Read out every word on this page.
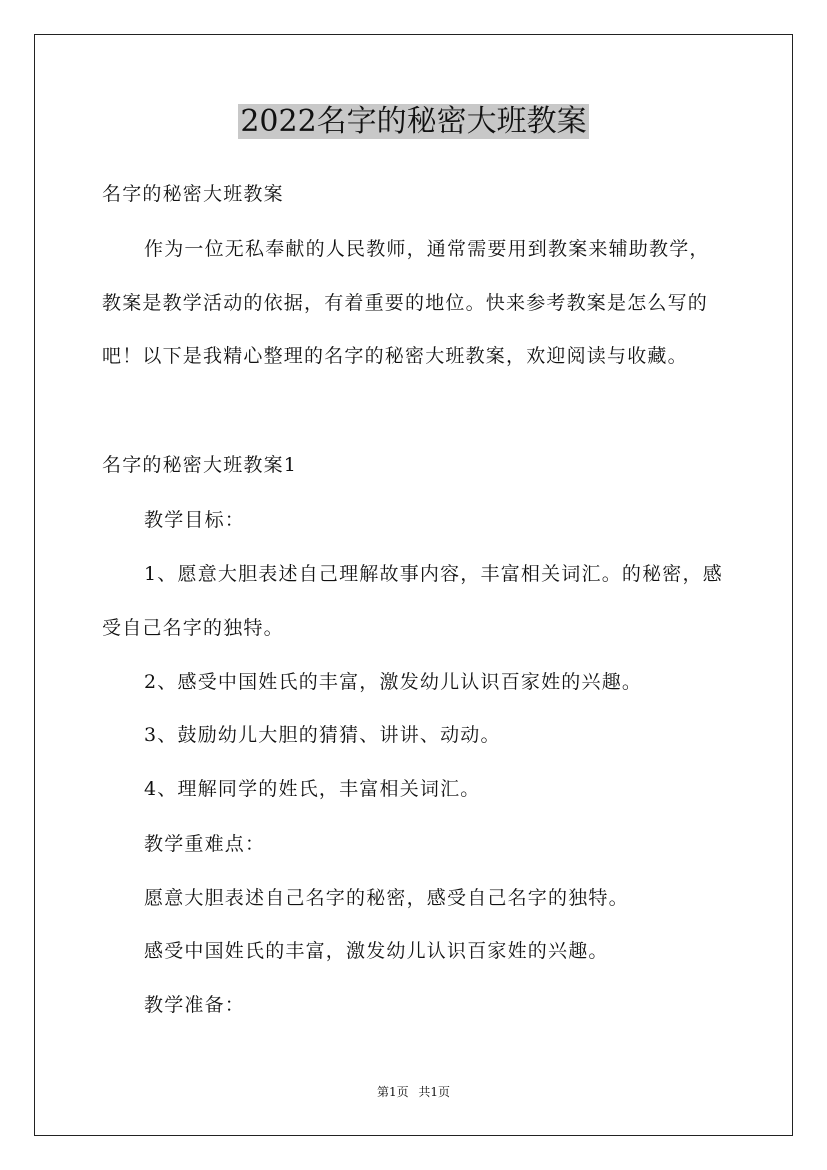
2022名字的秘密大班教案
名字的秘密大班教案
作为一位无私奉献的人民教师，通常需要用到教案来辅助教学，
教案是教学活动的依据，有着重要的地位。快来参考教案是怎么写的
吧！以下是我精心整理的名字的秘密大班教案，欢迎阅读与收藏。
名字的秘密大班教案1
教学目标：
1、愿意大胆表述自己理解故事内容，丰富相关词汇。的秘密，感
受自己名字的独特。
2、感受中国姓氏的丰富，激发幼儿认识百家姓的兴趣。
3、鼓励幼儿大胆的猜猜、讲讲、动动。
4、理解同学的姓氏，丰富相关词汇。
教学重难点：
愿意大胆表述自己名字的秘密，感受自己名字的独特。
感受中国姓氏的丰富，激发幼儿认识百家姓的兴趣。
教学准备：
第1页 共1页
